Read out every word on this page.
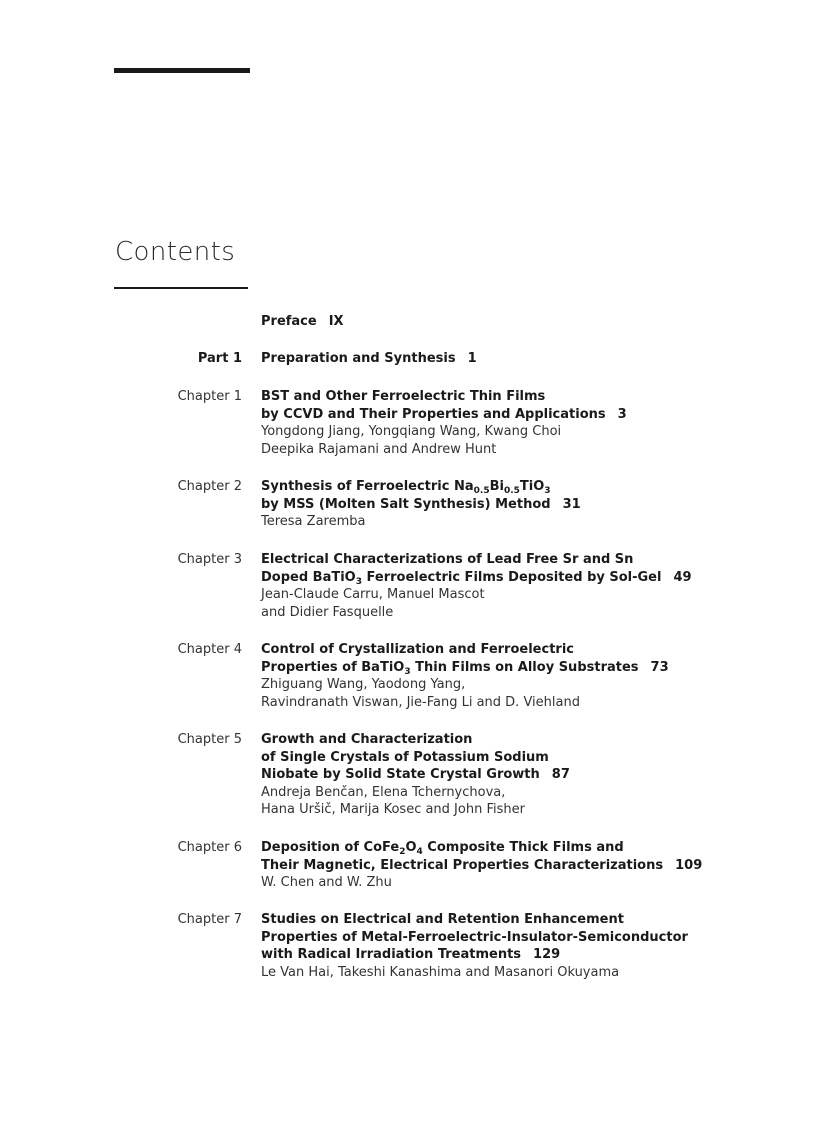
Contents
Preface IX
Part 1 Preparation and Synthesis 1
Chapter 1 BST and Other Ferroelectric Thin Films
by CCVD and Their Properties and Applications 3
Yongdong Jiang, Yongqiang Wang, Kwang Choi
Deepika Rajamani and Andrew Hunt
Chapter 2 Synthesis of Ferroelectric $Na_{0.5}Bi_{0.5}TiO_3$
by MSS (Molten Salt Synthesis) Method 31
Teresa Zaremba
Chapter 3 Electrical Characterizations of Lead Free Sr and Sn
Doped BaTiO$_3$ Ferroelectric Films Deposited by Sol-Gel 49
Jean-Claude Carru, Manuel Mascot
and Didier Fasquelle
Chapter 4 Control of Crystallization and Ferroelectric
Properties of BaTiO$_3$ Thin Films on Alloy Substrates 73
Zhiguang Wang, Yaodong Yang,
Ravindranath Viswan, Jie-Fang Li and D. Viehland
Chapter 5 Growth and Characterization
of Single Crystals of Potassium Sodium
Niobate by Solid State Crystal Growth 87
Andreja Benčan, Elena Tchernychova,
Hana Uršič, Marija Kosec and John Fisher
Chapter 6 Deposition of $CoFe_2O_4$ Composite Thick Films and
Their Magnetic, Electrical Properties Characterizations 109
W. Chen and W. Zhu
Chapter 7 Studies on Electrical and Retention Enhancement
Properties of Metal-Ferroelectric-Insulator-Semiconductor
with Radical Irradiation Treatments 129
Le Van Hai, Takeshi Kanashima and Masanori Okuyama
